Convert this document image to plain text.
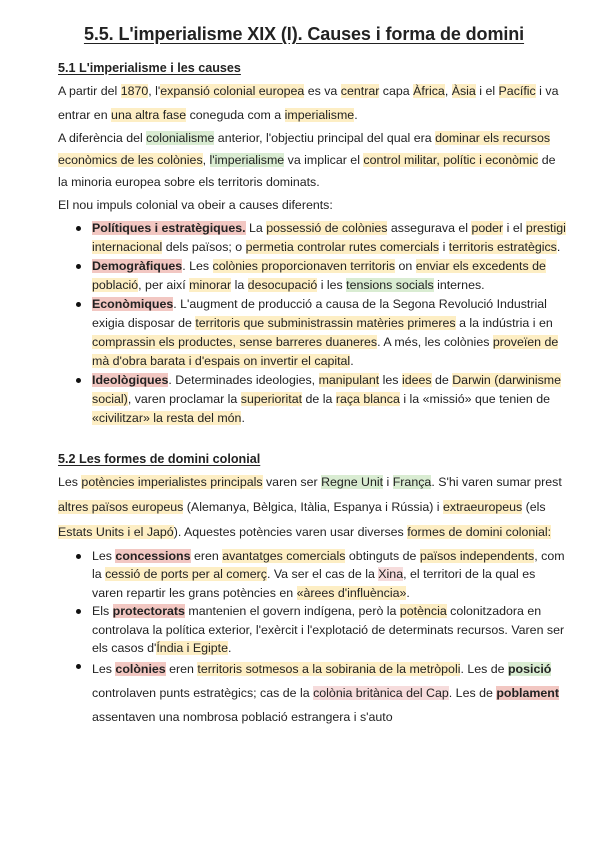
5.5. L'imperialisme XIX (I). Causes i forma de domini
5.1 L'imperialisme i les causes

A partir del 1870, l'expansió colonial europea es va centrar capa Àfrica, Àsia i el Pacífic i va entrar en una altra fase coneguda com a imperialisme.

A diferència del colonialisme anterior, l'objectiu principal del qual era dominar els recursos econòmics de les colònies, l'imperialisme va implicar el control militar, polític i econòmic de la minoria europea sobre els territoris dominats.

El nou impuls colonial va obeir a causes diferents:

Polítiques i estratègiques. La possessió de colònies assegurava el poder i el prestigi internacional dels països; o permetia controlar rutes comercials i territoris estratègics.
Demogràfiques. Les colònies proporcionaven territoris on enviar els excedents de població, per així minorar la desocupació i les tensions socials internes.
Econòmiques. L'augment de producció a causa de la Segona Revolució Industrial exigia disposar de territoris que subministrassin matèries primeres a la indústria i en comprassin els productes, sense barreres duaneres. A més, les colònies proveïen de mà d'obra barata i d'espais on invertir el capital.
Ideològiques. Determinades ideologies, manipulant les idees de Darwin (darwinisme social), varen proclamar la superioritat de la raça blanca i la «missió» que tenien de «civilitzar» la resta del món.
5.2 Les formes de domini colonial

Les potències imperialistes principals varen ser Regne Unit i França. S'hi varen sumar prest altres països europeus (Alemanya, Bèlgica, Itàlia, Espanya i Rússia) i extraeuropeus (els Estats Units i el Japó). Aquestes potències varen usar diverses formes de domini colonial:

Les concessions eren avantatges comercials obtinguts de països independents, com la cessió de ports per al comerç. Va ser el cas de la Xina, el territori de la qual es varen repartir les grans potències en «àrees d'influència».
Els protectorats mantenien el govern indígena, però la potència colonitzadora en controlava la política exterior, l'exèrcit i l'explotació de determinats recursos. Varen ser els casos d'Índia i Egipte.
Les colònies eren territoris sotmesos a la sobirania de la metròpoli. Les de posició controlaven punts estratègics; cas de la colònia britànica del Cap. Les de poblament assentaven una nombrosa població estrangera i s'auto
